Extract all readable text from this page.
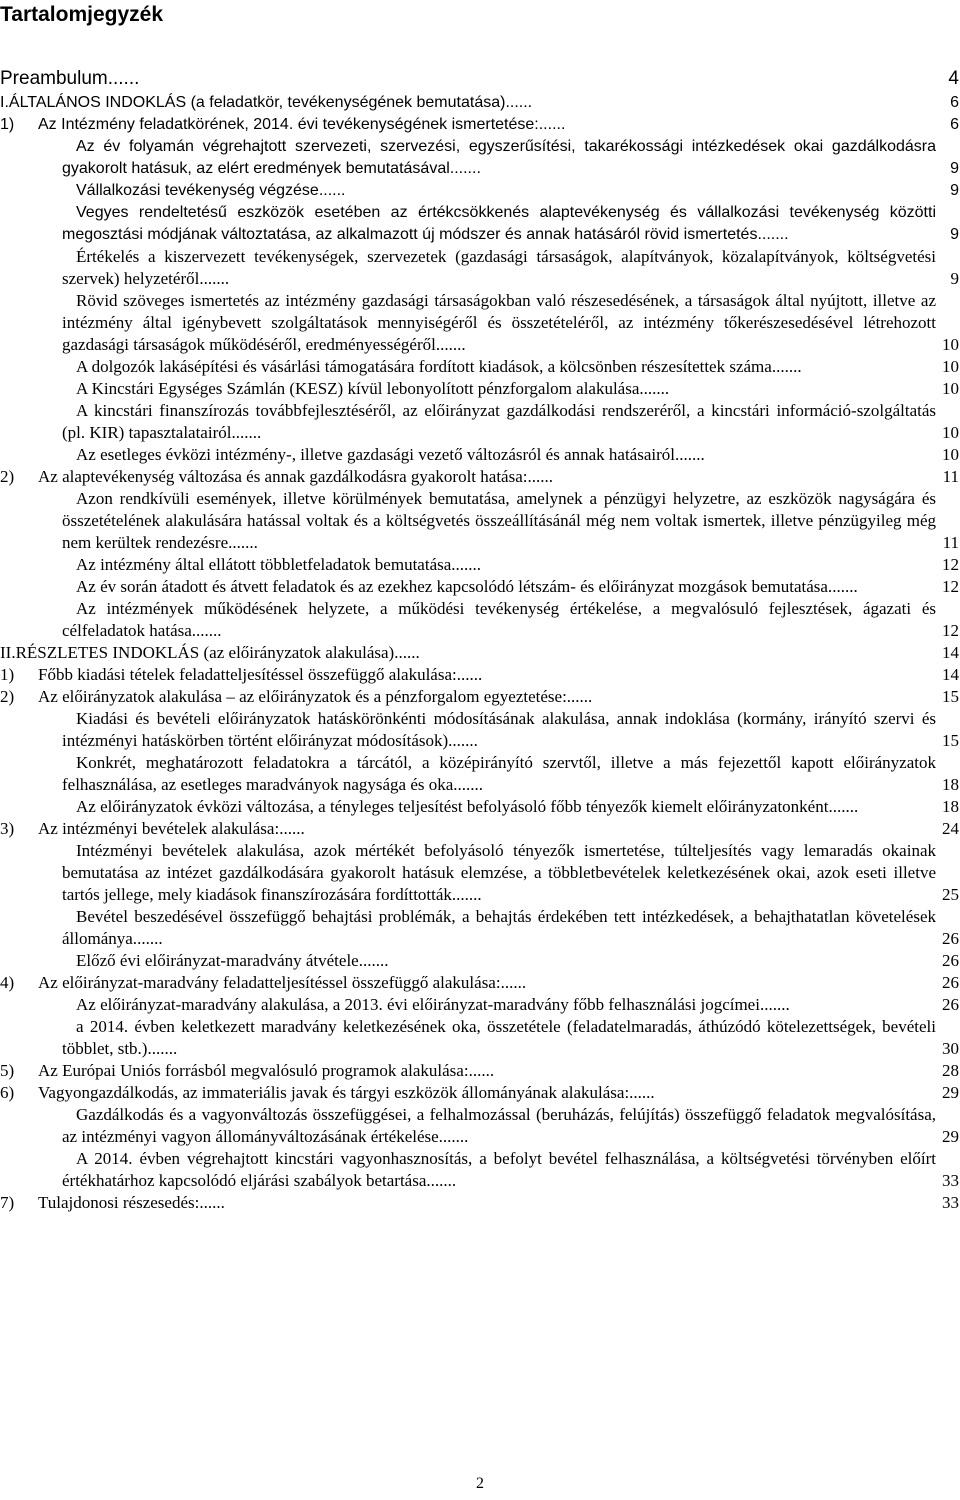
Tartalomjegyzék
Preambulum......	4
I.ÁLTALÁNOS INDOKLÁS (a feladatkör, tevékenységének bemutatása)......	6
1) Az Intézmény feladatkörének, 2014. évi tevékenységének ismertetése:......	6
Az év folyamán végrehajtott szervezeti, szervezési, egyszerűsítési, takarékossági intézkedések okai gazdálkodásra gyakorolt hatásuk, az elért eredmények bemutatásával.......	9
Vállalkozási tevékenység végzése......	9
Vegyes rendeltetésű eszközök esetében az értékcsökkenés alaptevékenység és vállalkozási tevékenység közötti megosztási módjának változtatása, az alkalmazott új módszer és annak hatásáról rövid ismertetés.......	9
Értékelés a kiszervezett tevékenységek, szervezetek (gazdasági társaságok, alapítványok, közalapítványok, költségvetési szervek) helyzetéről.......	9
Rövid szöveges ismertetés az intézmény gazdasági társaságokban való részesedésének, a társaságok által nyújtott, illetve az intézmény által igénybevett szolgáltatások mennyiségéről és összetételéről, az intézmény tőkerészesedésével létrehozott gazdasági társaságok működéséről, eredményességéről.......	10
A dolgozók lakásépítési és vásárlási támogatására fordított kiadások, a kölcsönben részesítettek száma.......	10
A Kincstári Egységes Számlán (KESZ) kívül lebonyolított pénzforgalom alakulása.......	10
A kincstári finanszírozás továbbfejlesztéséről, az előirányzat gazdálkodási rendszeréről, a kincstári információ-szolgáltatás (pl. KIR) tapasztalatairól.......	10
Az esetleges évközi intézmény-, illetve gazdasági vezető változásról és annak hatásairól.......	10
2) Az alaptevékenység változása és annak gazdálkodásra gyakorolt hatása:......	11
Azon rendkívüli események, illetve körülmények bemutatása, amelynek a pénzügyi helyzetre, az eszközök nagyságára és összetételének alakulására hatással voltak és a költségvetés összeállításánál még nem voltak ismertek, illetve pénzügyileg még nem kerültek rendezésre.......	11
Az intézmény által ellátott többletfeladatok bemutatása.......	12
Az év során átadott és átvett feladatok és az ezekhez kapcsolódó létszám- és előirányzat mozgások bemutatása.......	12
Az intézmények működésének helyzete, a működési tevékenység értékelése, a megvalósuló fejlesztések, ágazati és célfeladatok hatása.......	12
II.RÉSZLETES INDOKLÁS (az előirányzatok alakulása)......	14
1) Főbb kiadási tételek feladatteljesítéssel összefüggő alakulása:......	14
2) Az előirányzatok alakulása – az előirányzatok és a pénzforgalom egyeztetése:......	15
Kiadási és bevételi előirányzatok hatáskörönkénti módosításának alakulása, annak indoklása (kormány, irányító szervi és intézményi hatáskörben történt előirányzat módosítások).......	15
Konkrét, meghatározott feladatokra a tárcától, a középirányító szervtől, illetve a más fejezettől kapott előirányzatok felhasználása, az esetleges maradványok nagysága és oka.......	18
Az előirányzatok évközi változása, a tényleges teljesítést befolyásoló főbb tényezők kiemelt előirányzatonként.......	18
3) Az intézményi bevételek alakulása:......	24
Intézményi bevételek alakulása, azok mértékét befolyásoló tényezők ismertetése, túlteljesítés vagy lemaradás okainak bemutatása az intézet gazdálkodására gyakorolt hatásuk elemzése, a többletbevételek keletkezésének okai, azok eseti illetve tartós jellege, mely kiadások finanszírozására fordíttották.......	25
Bevétel beszedésével összefüggő behajtási problémák, a behajtás érdekében tett intézkedések, a behajthatatlan követelések állománya.......	26
Előző évi előirányzat-maradvány átvétele.......	26
4) Az előirányzat-maradvány feladatteljesítéssel összefüggő alakulása:......	26
Az előirányzat-maradvány alakulása, a 2013. évi előirányzat-maradvány főbb felhasználási jogcímei.......	26
a 2014. évben keletkezett maradvány keletkezésének oka, összetétele (feladatelmaradás, áthúzódó kötelezettségek, bevételi többlet, stb.).......	30
5) Az Európai Uniós forrásból megvalósuló programok alakulása:......	28
6) Vagyongazdálkodás, az immateriális javak és tárgyi eszközök állományának alakulása:......	29
Gazdálkodás és a vagyonváltozás összefüggései, a felhalmozással (beruházás, felújítás) összefüggő feladatok megvalósítása, az intézményi vagyon állományváltozásának értékelése.......	29
A 2014. évben végrehajtott kincstári vagyonhasznosítás, a befolyt bevétel felhasználása, a költségvetési törvényben előírt értékhatárhoz kapcsolódó eljárási szabályok betartása.......	33
7) Tulajdonosi részesedés:......	33
2
